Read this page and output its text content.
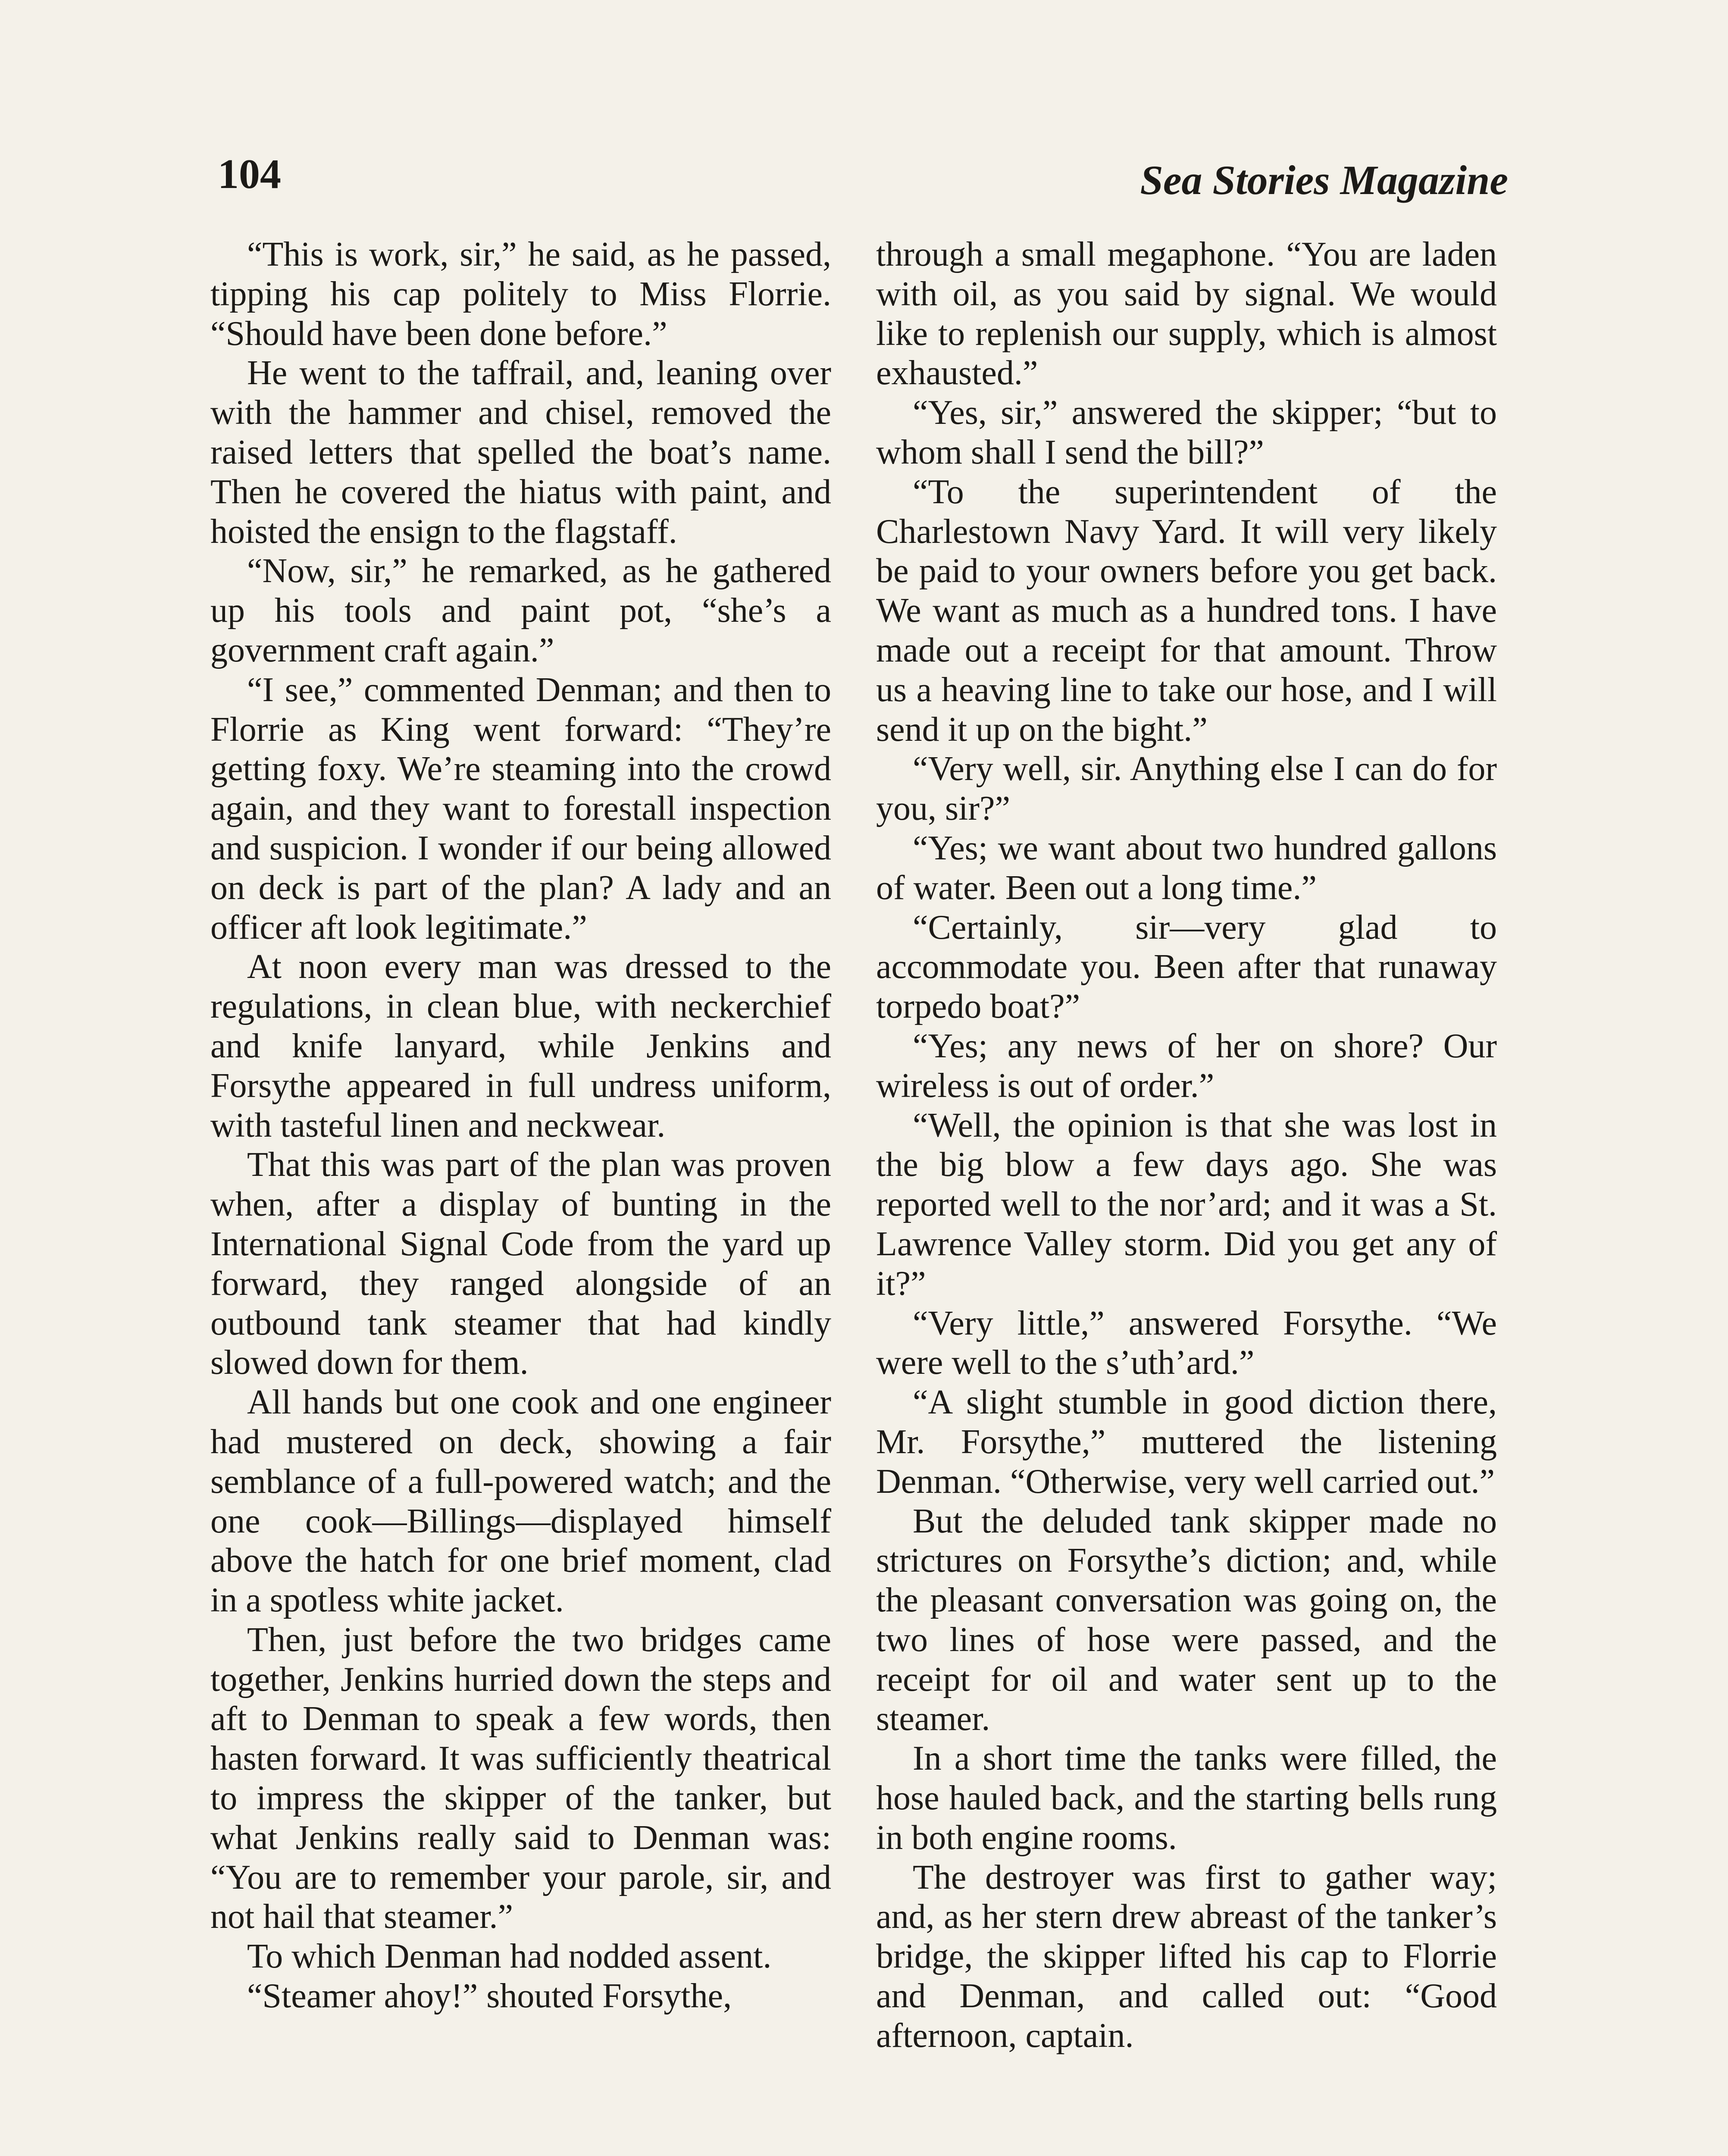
104	Sea Stories Magazine

“This is work, sir,” he said, as he passed, tipping his cap politely to Miss Florrie. “Should have been done before.”

He went to the taffrail, and, leaning over with the hammer and chisel, removed the raised letters that spelled the boat’s name. Then he covered the hiatus with paint, and hoisted the ensign to the flagstaff.

“Now, sir,” he remarked, as he gathered up his tools and paint pot, “she’s a government craft again.”

“I see,” commented Denman; and then to Florrie as King went forward: “They’re getting foxy. We’re steaming into the crowd again, and they want to forestall inspection and suspicion. I wonder if our being allowed on deck is part of the plan? A lady and an officer aft look legitimate.”

At noon every man was dressed to the regulations, in clean blue, with neckerchief and knife lanyard, while Jenkins and Forsythe appeared in full undress uniform, with tasteful linen and neckwear.

That this was part of the plan was proven when, after a display of bunting in the International Signal Code from the yard up forward, they ranged alongside of an outbound tank steamer that had kindly slowed down for them.

All hands but one cook and one engineer had mustered on deck, showing a fair semblance of a full-powered watch; and the one cook—Billings—displayed himself above the hatch for one brief moment, clad in a spotless white jacket.

Then, just before the two bridges came together, Jenkins hurried down the steps and aft to Denman to speak a few words, then hasten forward. It was sufficiently theatrical to impress the skipper of the tanker, but what Jenkins really said to Denman was: “You are to remember your parole, sir, and not hail that steamer.”

To which Denman had nodded assent.

“Steamer ahoy!” shouted Forsythe,

through a small megaphone. “You are laden with oil, as you said by signal. We would like to replenish our supply, which is almost exhausted.”

“Yes, sir,” answered the skipper; “but to whom shall I send the bill?”

“To the superintendent of the Charlestown Navy Yard. It will very likely be paid to your owners before you get back. We want as much as a hundred tons. I have made out a receipt for that amount. Throw us a heaving line to take our hose, and I will send it up on the bight.”

“Very well, sir. Anything else I can do for you, sir?”

“Yes; we want about two hundred gallons of water. Been out a long time.”

“Certainly, sir—very glad to accommodate you. Been after that runaway torpedo boat?”

“Yes; any news of her on shore? Our wireless is out of order.”

“Well, the opinion is that she was lost in the big blow a few days ago. She was reported well to the nor’ard; and it was a St. Lawrence Valley storm. Did you get any of it?”

“Very little,” answered Forsythe. “We were well to the s’uth’ard.”

“A slight stumble in good diction there, Mr. Forsythe,” muttered the listening Denman. “Otherwise, very well carried out.”

But the deluded tank skipper made no strictures on Forsythe’s diction; and, while the pleasant conversation was going on, the two lines of hose were passed, and the receipt for oil and water sent up to the steamer.

In a short time the tanks were filled, the hose hauled back, and the starting bells rung in both engine rooms.

The destroyer was first to gather way; and, as her stern drew abreast of the tanker’s bridge, the skipper lifted his cap to Florrie and Denman, and called out: “Good afternoon, captain.
